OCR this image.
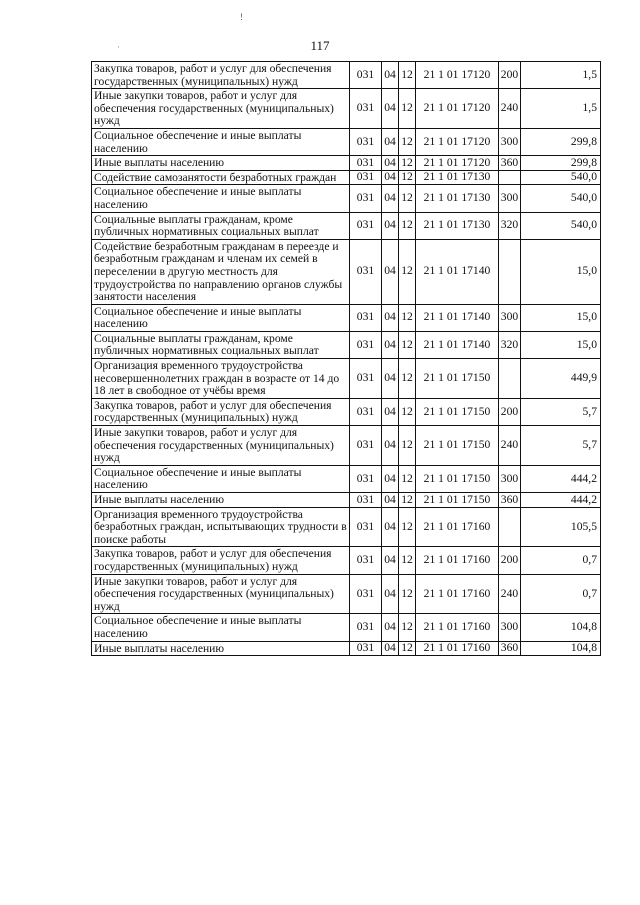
!
·	117
Закупка товаров, работ и услуг для обеспечения государственных (муниципальных) нужд	031	04	12	21 1 01 17120	200	1,5
Иные закупки товаров, работ и услуг для обеспечения государственных (муниципальных) нужд	031	04	12	21 1 01 17120	240	1,5
Социальное обеспечение и иные выплаты населению	031	04	12	21 1 01 17120	300	299,8
Иные выплаты населению	031	04	12	21 1 01 17120	360	299,8
Содействие самозанятости безработных граждан	031	04	12	21 1 01 17130		540,0
Социальное обеспечение и иные выплаты населению	031	04	12	21 1 01 17130	300	540,0
Социальные выплаты гражданам, кроме публичных нормативных социальных выплат	031	04	12	21 1 01 17130	320	540,0
Содействие безработным гражданам в переезде и безработным гражданам и членам их семей в переселении в другую местность для трудоустройства по направлению органов службы занятости населения	031	04	12	21 1 01 17140		15,0
Социальное обеспечение и иные выплаты населению	031	04	12	21 1 01 17140	300	15,0
Социальные выплаты гражданам, кроме публичных нормативных социальных выплат	031	04	12	21 1 01 17140	320	15,0
Организация временного трудоустройства несовершеннолетних граждан в возрасте от 14 до 18 лет в свободное от учёбы время	031	04	12	21 1 01 17150		449,9
Закупка товаров, работ и услуг для обеспечения государственных (муниципальных) нужд	031	04	12	21 1 01 17150	200	5,7
Иные закупки товаров, работ и услуг для обеспечения государственных (муниципальных) нужд	031	04	12	21 1 01 17150	240	5,7
Социальное обеспечение и иные выплаты населению	031	04	12	21 1 01 17150	300	444,2
Иные выплаты населению	031	04	12	21 1 01 17150	360	444,2
Организация временного трудоустройства безработных граждан, испытывающих трудности в поиске работы	031	04	12	21 1 01 17160		105,5
Закупка товаров, работ и услуг для обеспечения государственных (муниципальных) нужд	031	04	12	21 1 01 17160	200	0,7
Иные закупки товаров, работ и услуг для обеспечения государственных (муниципальных) нужд	031	04	12	21 1 01 17160	240	0,7
Социальное обеспечение и иные выплаты населению	031	04	12	21 1 01 17160	300	104,8
Иные выплаты населению	031	04	12	21 1 01 17160	360	104,8
